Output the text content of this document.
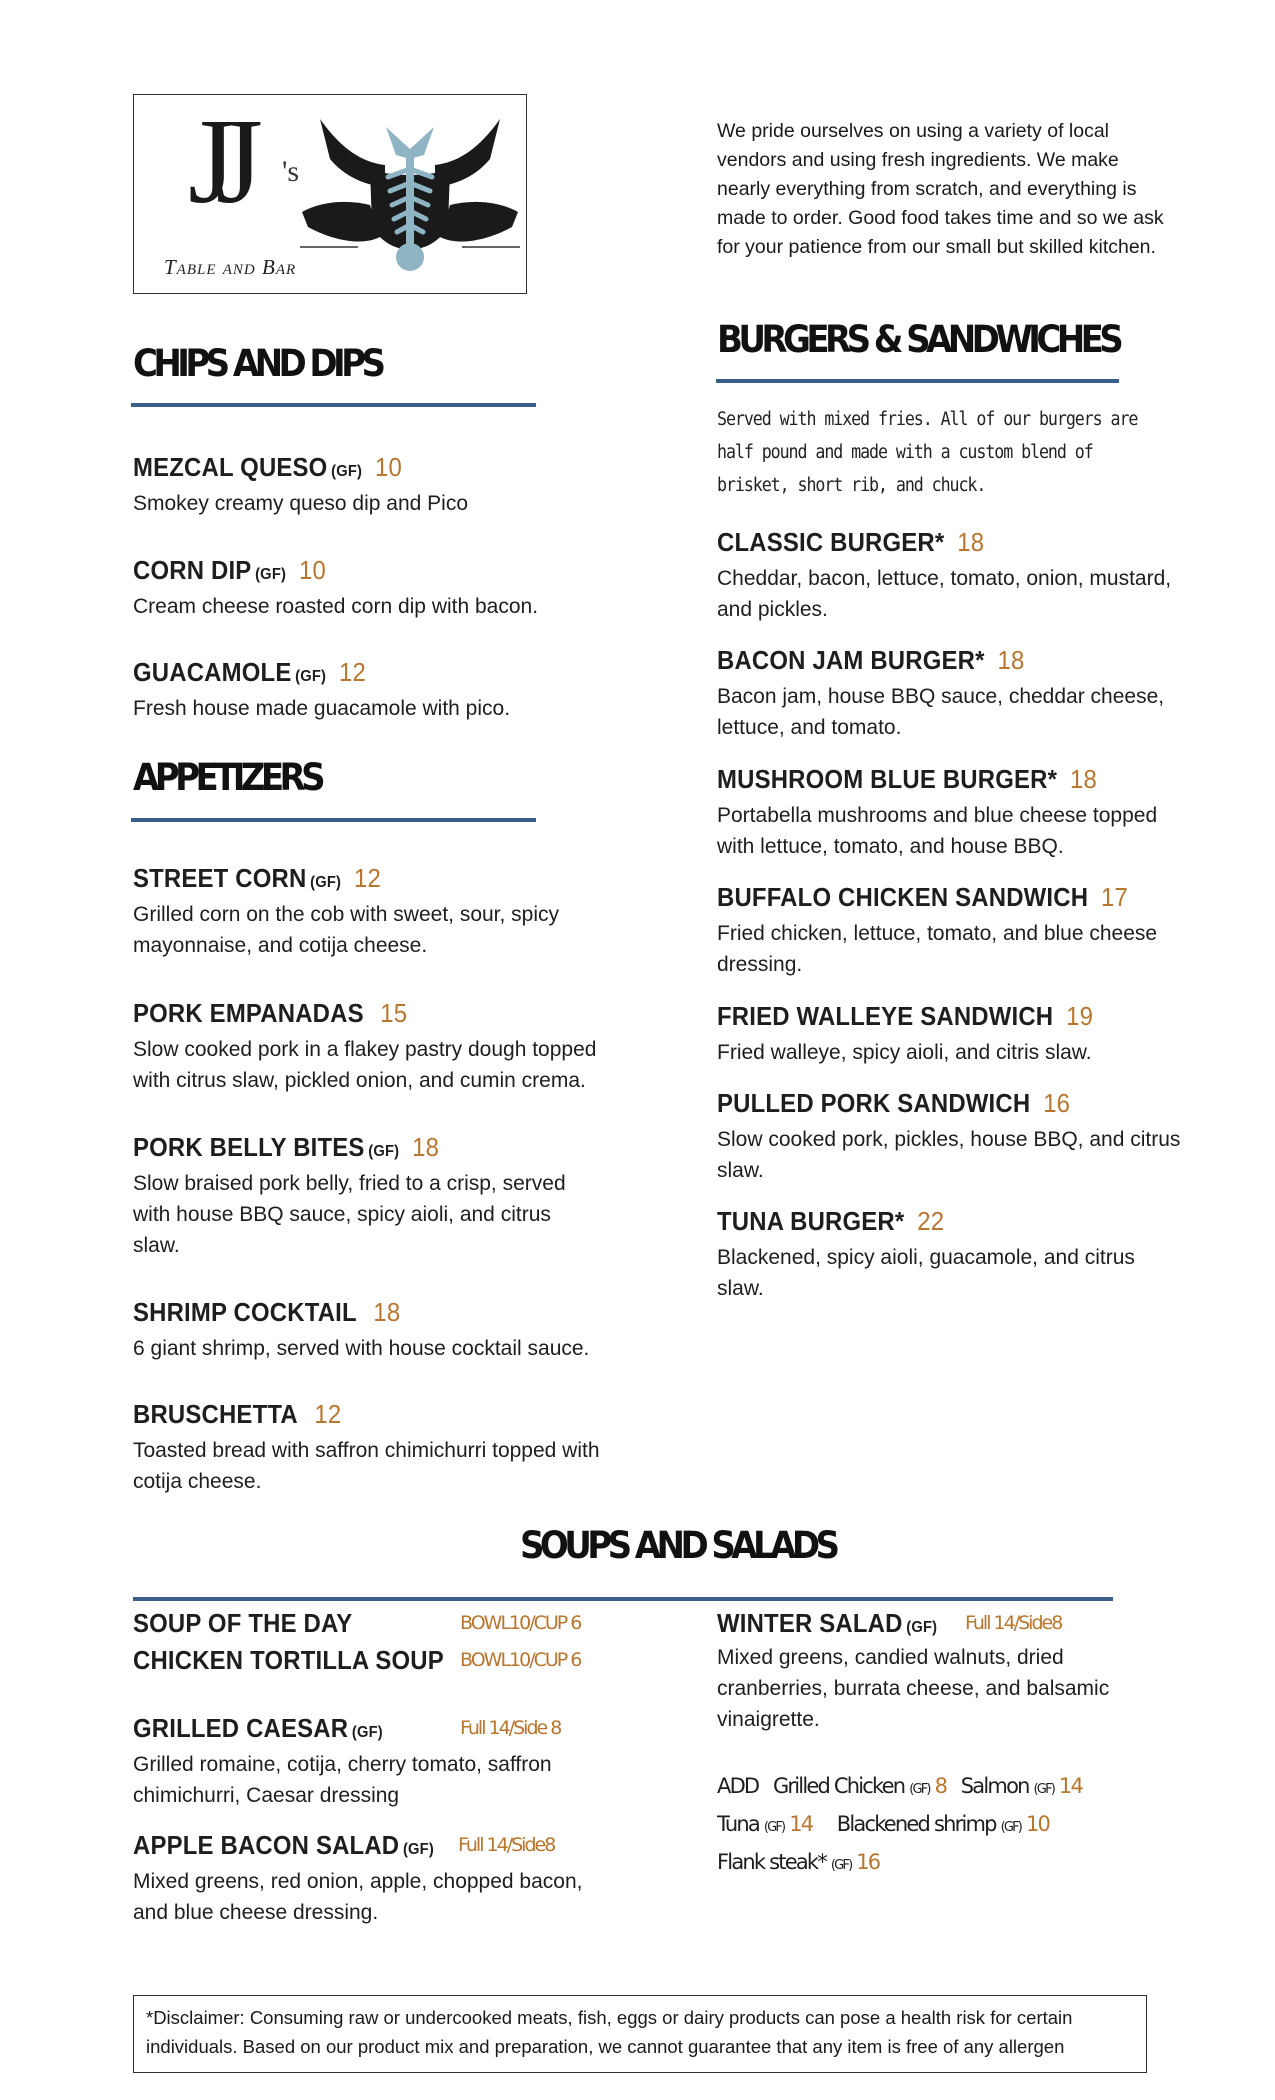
JJ 's
Table and Bar
We pride ourselves on using a variety of local vendors and using fresh ingredients. We make nearly everything from scratch, and everything is made to order. Good food takes time and so we ask for your patience from our small but skilled kitchen.
CHIPS AND DIPS
MEZCAL QUESO (GF) 10
Smokey creamy queso dip and Pico
CORN DIP (GF) 10
Cream cheese roasted corn dip with bacon.
GUACAMOLE (GF) 12
Fresh house made guacamole with pico.
APPETIZERS
STREET CORN (GF) 12
Grilled corn on the cob with sweet, sour, spicy mayonnaise, and cotija cheese.
PORK EMPANADAS 15
Slow cooked pork in a flakey pastry dough topped with citrus slaw, pickled onion, and cumin crema.
PORK BELLY BITES (GF) 18
Slow braised pork belly, fried to a crisp, served with house BBQ sauce, spicy aioli, and citrus slaw.
SHRIMP COCKTAIL 18
6 giant shrimp, served with house cocktail sauce.
BRUSCHETTA 12
Toasted bread with saffron chimichurri topped with cotija cheese.
BURGERS & SANDWICHES
Served with mixed fries. All of our burgers are half pound and made with a custom blend of brisket, short rib, and chuck.
CLASSIC BURGER* 18
Cheddar, bacon, lettuce, tomato, onion, mustard, and pickles.
BACON JAM BURGER* 18
Bacon jam, house BBQ sauce, cheddar cheese, lettuce, and tomato.
MUSHROOM BLUE BURGER* 18
Portabella mushrooms and blue cheese topped with lettuce, tomato, and house BBQ.
BUFFALO CHICKEN SANDWICH 17
Fried chicken, lettuce, tomato, and blue cheese dressing.
FRIED WALLEYE SANDWICH 19
Fried walleye, spicy aioli, and citris slaw.
PULLED PORK SANDWICH 16
Slow cooked pork, pickles, house BBQ, and citrus slaw.
TUNA BURGER* 22
Blackened, spicy aioli, guacamole, and citrus slaw.
SOUPS AND SALADS
SOUP OF THE DAY	BOWL10/CUP 6
CHICKEN TORTILLA SOUP BOWL10/CUP 6
GRILLED CAESAR (GF)	Full 14/Side 8
Grilled romaine, cotija, cherry tomato, saffron chimichurri, Caesar dressing
APPLE BACON SALAD (GF) Full 14/Side8
Mixed greens, red onion, apple, chopped bacon, and blue cheese dressing.
WINTER SALAD (GF) Full 14/Side8
Mixed greens, candied walnuts, dried cranberries, burrata cheese, and balsamic vinaigrette.
ADD Grilled Chicken (GF) 8 Salmon (GF) 14
Tuna (GF) 14 Blackened shrimp (GF) 10
Flank steak* (GF) 16
*Disclaimer: Consuming raw or undercooked meats, fish, eggs or dairy products can pose a health risk for certain individuals. Based on our product mix and preparation, we cannot guarantee that any item is free of any allergen
